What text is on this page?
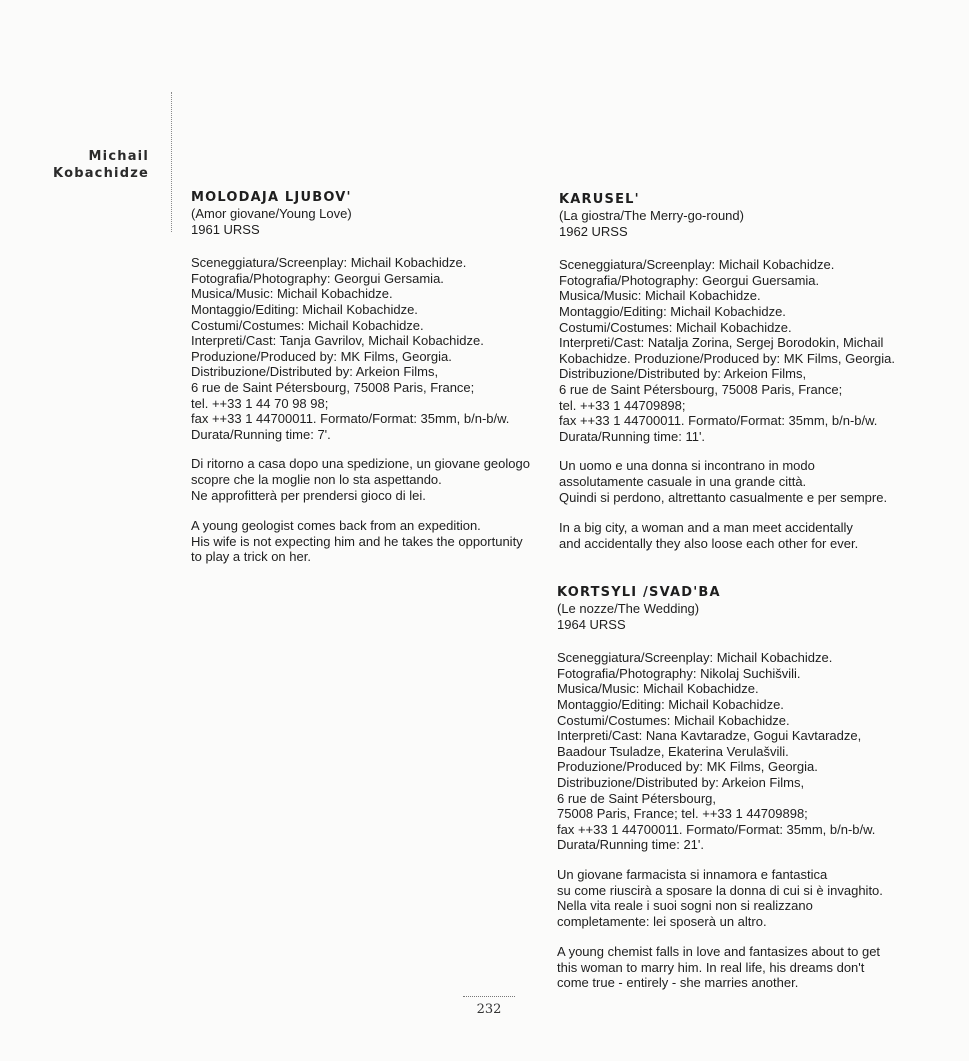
Michail
Kobachidze
MOLODAJA LJUBOV'
(Amor giovane/Young Love)
1961 URSS
Sceneggiatura/Screenplay: Michail Kobachidze.
Fotografia/Photography: Georgui Gersamia.
Musica/Music: Michail Kobachidze.
Montaggio/Editing: Michail Kobachidze.
Costumi/Costumes: Michail Kobachidze.
Interpreti/Cast: Tanja Gavrilov, Michail Kobachidze.
Produzione/Produced by: MK Films, Georgia.
Distribuzione/Distributed by: Arkeion Films,
6 rue de Saint Pétersbourg, 75008 Paris, France;
tel. ++33 1 44 70 98 98;
fax ++33 1 44700011. Formato/Format: 35mm, b/n-b/w.
Durata/Running time: 7'.
Di ritorno a casa dopo una spedizione, un giovane geologo
scopre che la moglie non lo sta aspettando.
Ne approfitterà per prendersi gioco di lei.
A young geologist comes back from an expedition.
His wife is not expecting him and he takes the opportunity
to play a trick on her.
KARUSEL'
(La giostra/The Merry-go-round)
1962 URSS
Sceneggiatura/Screenplay: Michail Kobachidze.
Fotografia/Photography: Georgui Guersamia.
Musica/Music: Michail Kobachidze.
Montaggio/Editing: Michail Kobachidze.
Costumi/Costumes: Michail Kobachidze.
Interpreti/Cast: Natalja Zorina, Sergej Borodokin, Michail
Kobachidze. Produzione/Produced by: MK Films, Georgia.
Distribuzione/Distributed by: Arkeion Films,
6 rue de Saint Pétersbourg, 75008 Paris, France;
tel. ++33 1 44709898;
fax ++33 1 44700011. Formato/Format: 35mm, b/n-b/w.
Durata/Running time: 11'.
Un uomo e una donna si incontrano in modo
assolutamente casuale in una grande città.
Quindi si perdono, altrettanto casualmente e per sempre.
In a big city, a woman and a man meet accidentally
and accidentally they also loose each other for ever.
KORTSYLI /SVAD'BA
(Le nozze/The Wedding)
1964 URSS
Sceneggiatura/Screenplay: Michail Kobachidze.
Fotografia/Photography: Nikolaj Suchišvili.
Musica/Music: Michail Kobachidze.
Montaggio/Editing: Michail Kobachidze.
Costumi/Costumes: Michail Kobachidze.
Interpreti/Cast: Nana Kavtaradze, Gogui Kavtaradze,
Baadour Tsuladze, Ekaterina Verulašvili.
Produzione/Produced by: MK Films, Georgia.
Distribuzione/Distributed by: Arkeion Films,
6 rue de Saint Pétersbourg,
75008 Paris, France; tel. ++33 1 44709898;
fax ++33 1 44700011. Formato/Format: 35mm, b/n-b/w.
Durata/Running time: 21'.
Un giovane farmacista si innamora e fantastica
su come riuscirà a sposare la donna di cui si è invaghito.
Nella vita reale i suoi sogni non si realizzano
completamente: lei sposerà un altro.
A young chemist falls in love and fantasizes about to get
this woman to marry him. In real life, his dreams don't
come true - entirely - she marries another.
232
